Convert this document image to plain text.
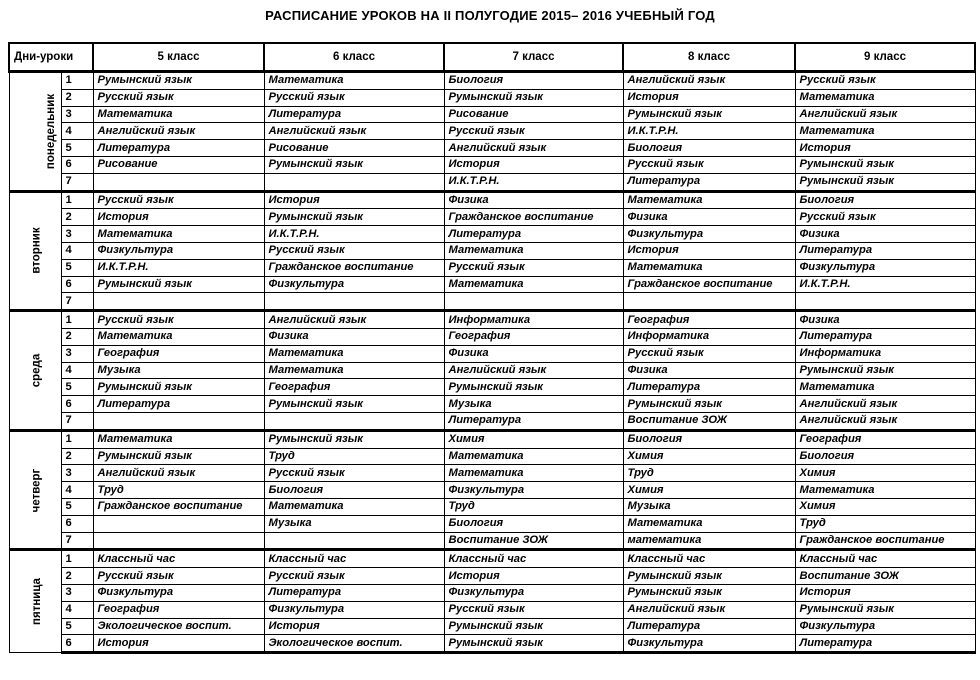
РАСПИСАНИЕ УРОКОВ НА II ПОЛУГОДИЕ 2015– 2016 УЧЕБНЫЙ ГОД
Дни-уроки		5 класс	6 класс	7 класс	8 класс	9 класс
понедельник	1	Румынский язык	Математика	Биология	Английский язык	Русский язык
	2	Русский язык	Русский язык	Румынский язык	История	Математика
	3	Математика	Литература	Рисование	Румынский язык	Английский язык
	4	Английский язык	Английский язык	Русский язык	И.К.Т.Р.Н.	Математика
	5	Литература	Рисование	Английский язык	Биология	История
	6	Рисование	Румынский язык	История	Русский язык	Румынский язык
	7			И.К.Т.Р.Н.	Литература	Румынский язык
вторник	1	Русский язык	История	Физика	Математика	Биология
	2	История	Румынский язык	Гражданское воспитание	Физика	Русский язык
	3	Математика	И.К.Т.Р.Н.	Литература	Физкультура	Физика
	4	Физкультура	Русский язык	Математика	История	Литература
	5	И.К.Т.Р.Н.	Гражданское воспитание	Русский язык	Математика	Физкультура
	6	Румынский язык	Физкультура	Математика	Гражданское воспитание	И.К.Т.Р.Н.
	7					
среда	1	Русский язык	Английский язык	Информатика	География	Физика
	2	Математика	Физика	География	Информатика	Литература
	3	География	Математика	Физика	Русский язык	Информатика
	4	Музыка	Математика	Английский язык	Физика	Румынский язык
	5	Румынский язык	География	Румынский язык	Литература	Математика
	6	Литература	Румынский язык	Музыка	Румынский язык	Английский язык
	7			Литература	Воспитание ЗОЖ	Английский язык
четверг	1	Математика	Румынский язык	Химия	Биология	География
	2	Румынский язык	Труд	Математика	Химия	Биология
	3	Английский язык	Русский язык	Математика	Труд	Химия
	4	Труд	Биология	Физкультура	Химия	Математика
	5	Гражданское воспитание	Математика	Труд	Музыка	Химия
	6		Музыка	Биология	Математика	Труд
	7			Воспитание ЗОЖ	математика	Гражданское воспитание
пятница	1	Классный час	Классный час	Классный час	Классный час	Классный час
	2	Русский язык	Русский язык	История	Румынский язык	Воспитание ЗОЖ
	3	Физкультура	Литература	Физкультура	Румынский язык	История
	4	География	Физкультура	Русский язык	Английский язык	Румынский язык
	5	Экологическое воспит.	История	Румынский язык	Литература	Физкультура
	6	История	Экологическое воспит.	Румынский язык	Физкультура	Литература
